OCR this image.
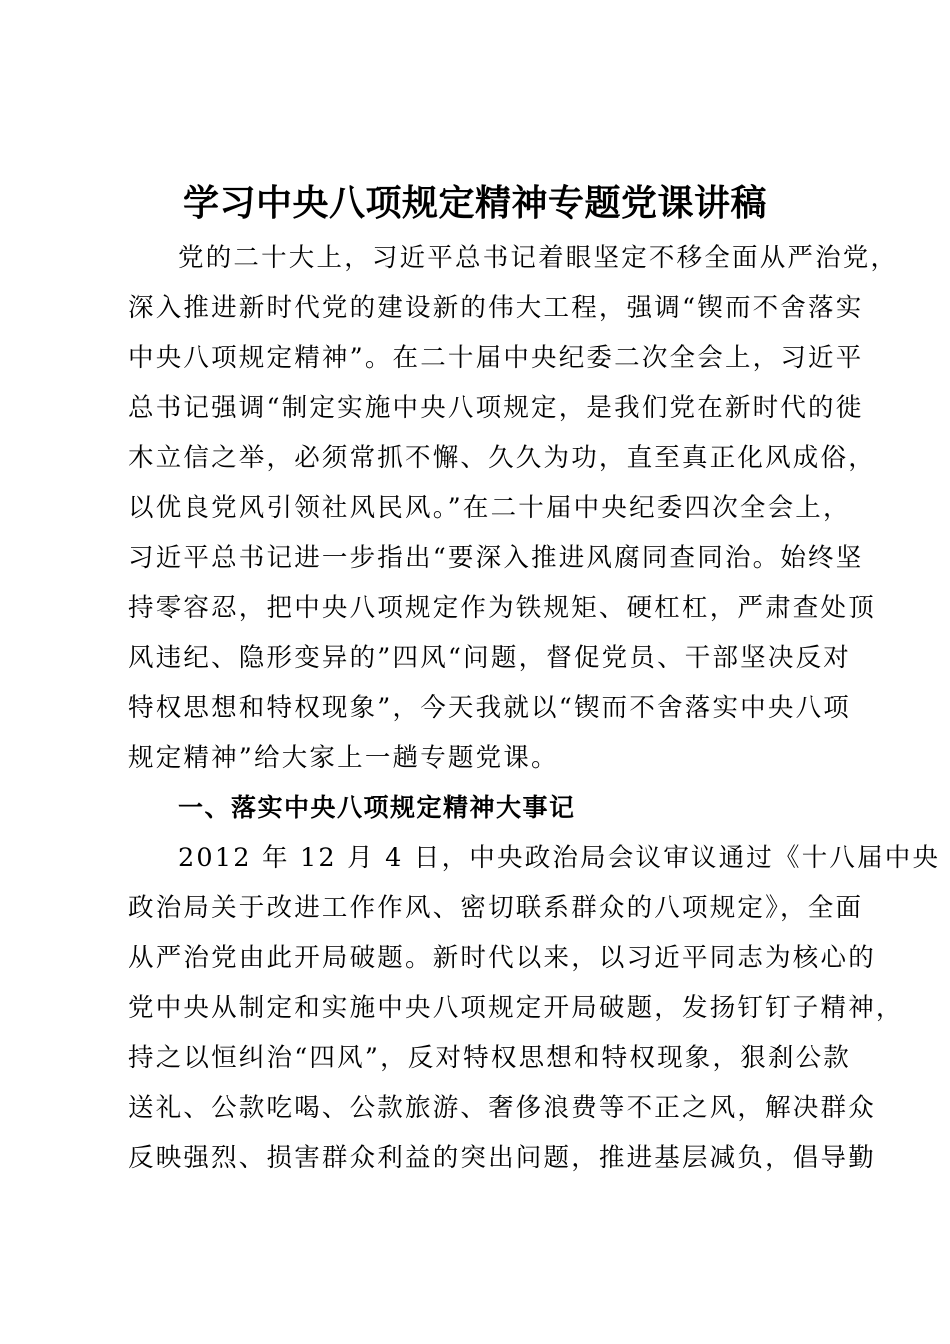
学习中央八项规定精神专题党课讲稿
党的二十大上，习近平总书记着眼坚定不移全面从严治党，
深入推进新时代党的建设新的伟大工程，强调“锲而不舍落实
中央八项规定精神”。在二十届中央纪委二次全会上，习近平
总书记强调“制定实施中央八项规定，是我们党在新时代的徙
木立信之举，必须常抓不懈、久久为功，直至真正化风成俗，
以优良党风引领社风民风。”在二十届中央纪委四次全会上，
习近平总书记进一步指出“要深入推进风腐同查同治。始终坚
持零容忍，把中央八项规定作为铁规矩、硬杠杠，严肃查处顶
风违纪、隐形变异的”四风“问题，督促党员、干部坚决反对
特权思想和特权现象”，今天我就以“锲而不舍落实中央八项
规定精神”给大家上一趟专题党课。
一、落实中央八项规定精神大事记
2012 年 12 月 4 日，中央政治局会议审议通过《十八届中央
政治局关于改进工作作风、密切联系群众的八项规定》，全面
从严治党由此开局破题。新时代以来，以习近平同志为核心的
党中央从制定和实施中央八项规定开局破题，发扬钉钉子精神，
持之以恒纠治“四风”，反对特权思想和特权现象，狠刹公款
送礼、公款吃喝、公款旅游、奢侈浪费等不正之风，解决群众
反映强烈、损害群众利益的突出问题，推进基层减负，倡导勤
